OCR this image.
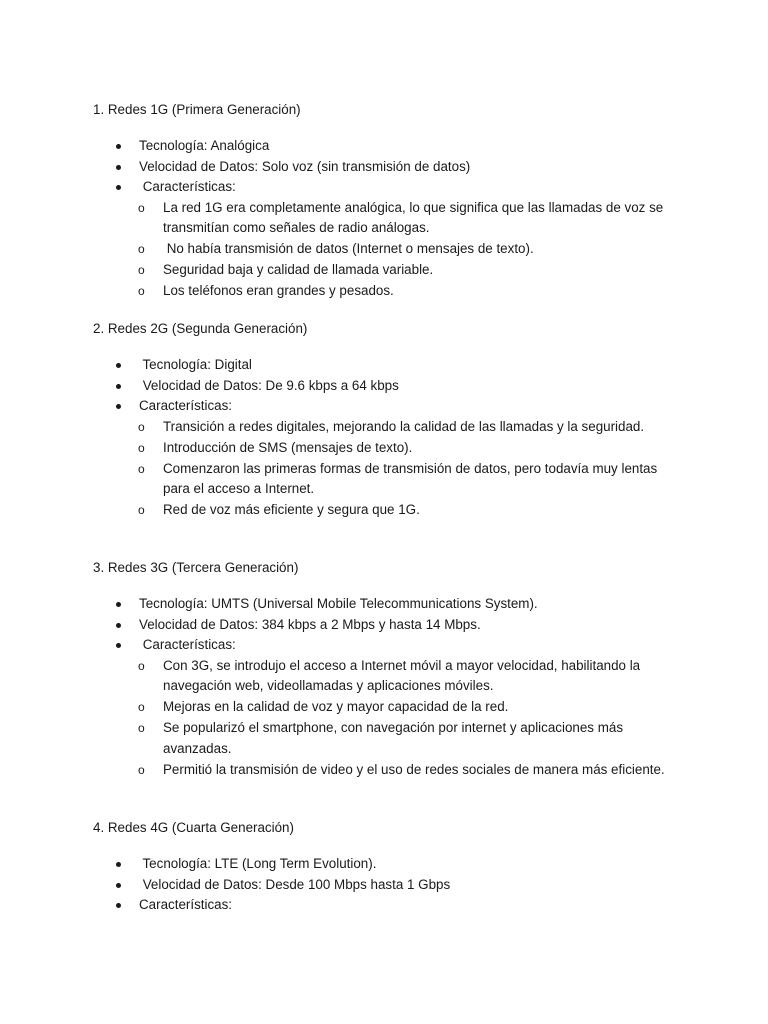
1. Redes 1G (Primera Generación)
Tecnología: Analógica
Velocidad de Datos: Solo voz (sin transmisión de datos)
Características:
o La red 1G era completamente analógica, lo que significa que las llamadas de voz se transmitían como señales de radio análogas.
o No había transmisión de datos (Internet o mensajes de texto).
o Seguridad baja y calidad de llamada variable.
o Los teléfonos eran grandes y pesados.
2. Redes 2G (Segunda Generación)
Tecnología: Digital
Velocidad de Datos: De 9.6 kbps a 64 kbps
Características:
o Transición a redes digitales, mejorando la calidad de las llamadas y la seguridad.
o Introducción de SMS (mensajes de texto).
o Comenzaron las primeras formas de transmisión de datos, pero todavía muy lentas para el acceso a Internet.
o Red de voz más eficiente y segura que 1G.
3. Redes 3G (Tercera Generación)
Tecnología: UMTS (Universal Mobile Telecommunications System).
Velocidad de Datos: 384 kbps a 2 Mbps y hasta 14 Mbps.
Características:
o Con 3G, se introdujo el acceso a Internet móvil a mayor velocidad, habilitando la navegación web, videollamadas y aplicaciones móviles.
o Mejoras en la calidad de voz y mayor capacidad de la red.
o Se popularizó el smartphone, con navegación por internet y aplicaciones más avanzadas.
o Permitió la transmisión de video y el uso de redes sociales de manera más eficiente.
4. Redes 4G (Cuarta Generación)
Tecnología: LTE (Long Term Evolution).
Velocidad de Datos: Desde 100 Mbps hasta 1 Gbps
Características:
